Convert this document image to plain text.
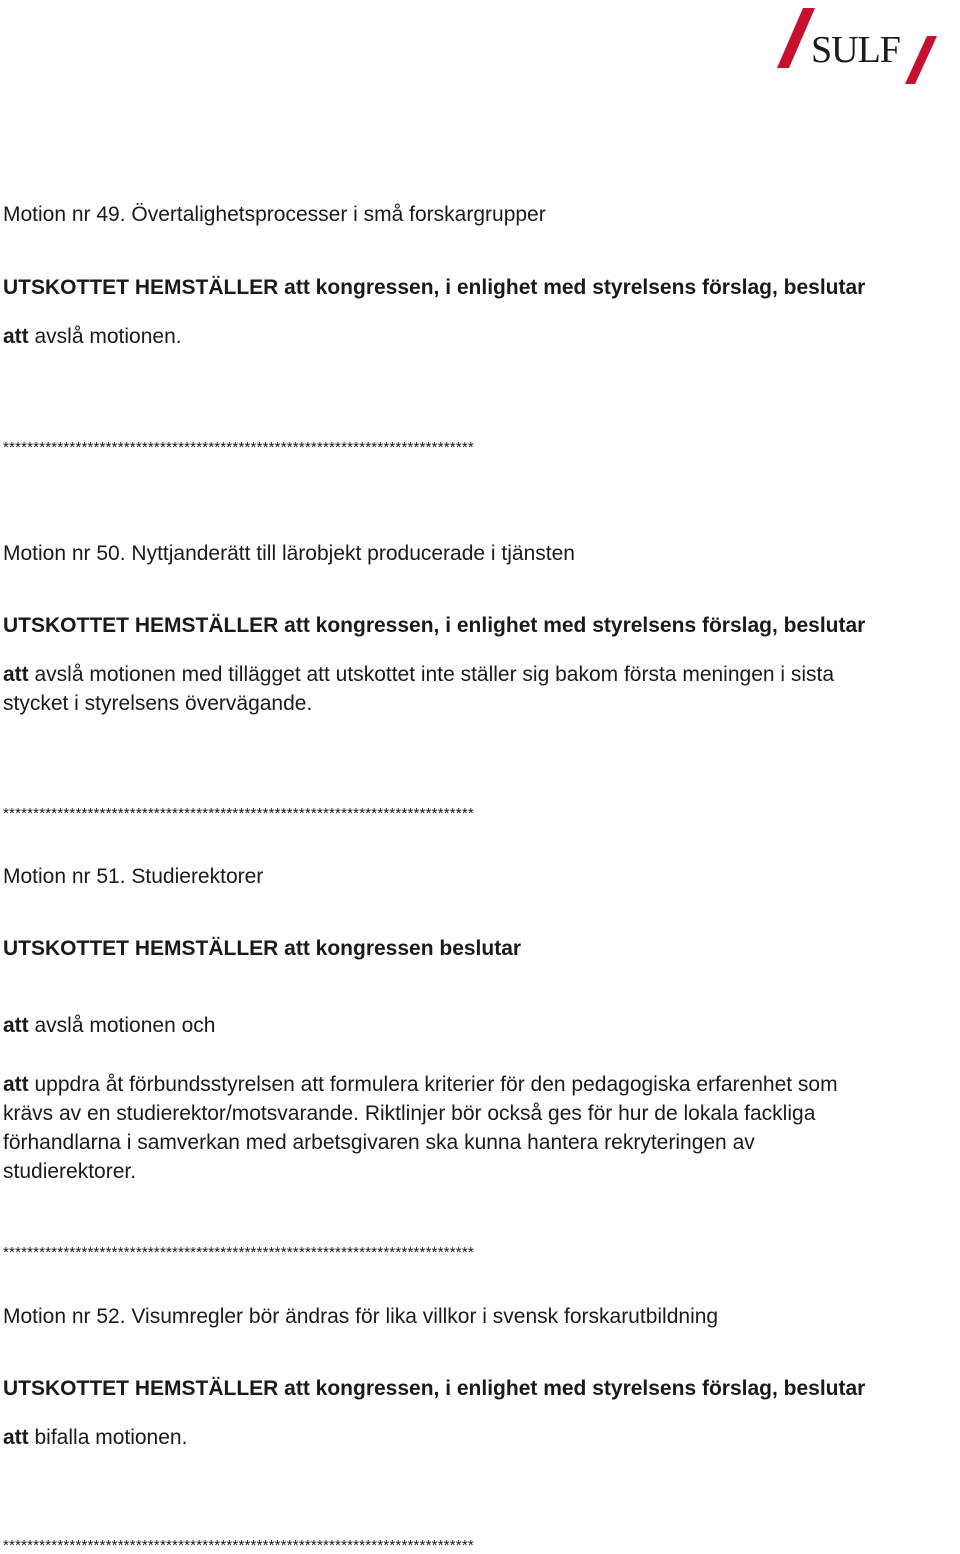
SULF
Motion nr 49. Övertalighetsprocesser i små forskargrupper
UTSKOTTET HEMSTÄLLER att kongressen, i enlighet med styrelsens förslag, beslutar
att avslå motionen.
******************************************************************************
Motion nr 50. Nyttjanderätt till lärobjekt producerade i tjänsten
UTSKOTTET HEMSTÄLLER att kongressen, i enlighet med styrelsens förslag, beslutar
att avslå motionen med tillägget att utskottet inte ställer sig bakom första meningen i sista
stycket i styrelsens övervägande.
******************************************************************************
Motion nr 51. Studierektorer
UTSKOTTET HEMSTÄLLER att kongressen beslutar
att avslå motionen och
att uppdra åt förbundsstyrelsen att formulera kriterier för den pedagogiska erfarenhet som
krävs av en studierektor/motsvarande. Riktlinjer bör också ges för hur de lokala fackliga
förhandlarna i samverkan med arbetsgivaren ska kunna hantera rekryteringen av
studierektorer.
******************************************************************************
Motion nr 52. Visumregler bör ändras för lika villkor i svensk forskarutbildning
UTSKOTTET HEMSTÄLLER att kongressen, i enlighet med styrelsens förslag, beslutar
att bifalla motionen.
******************************************************************************
